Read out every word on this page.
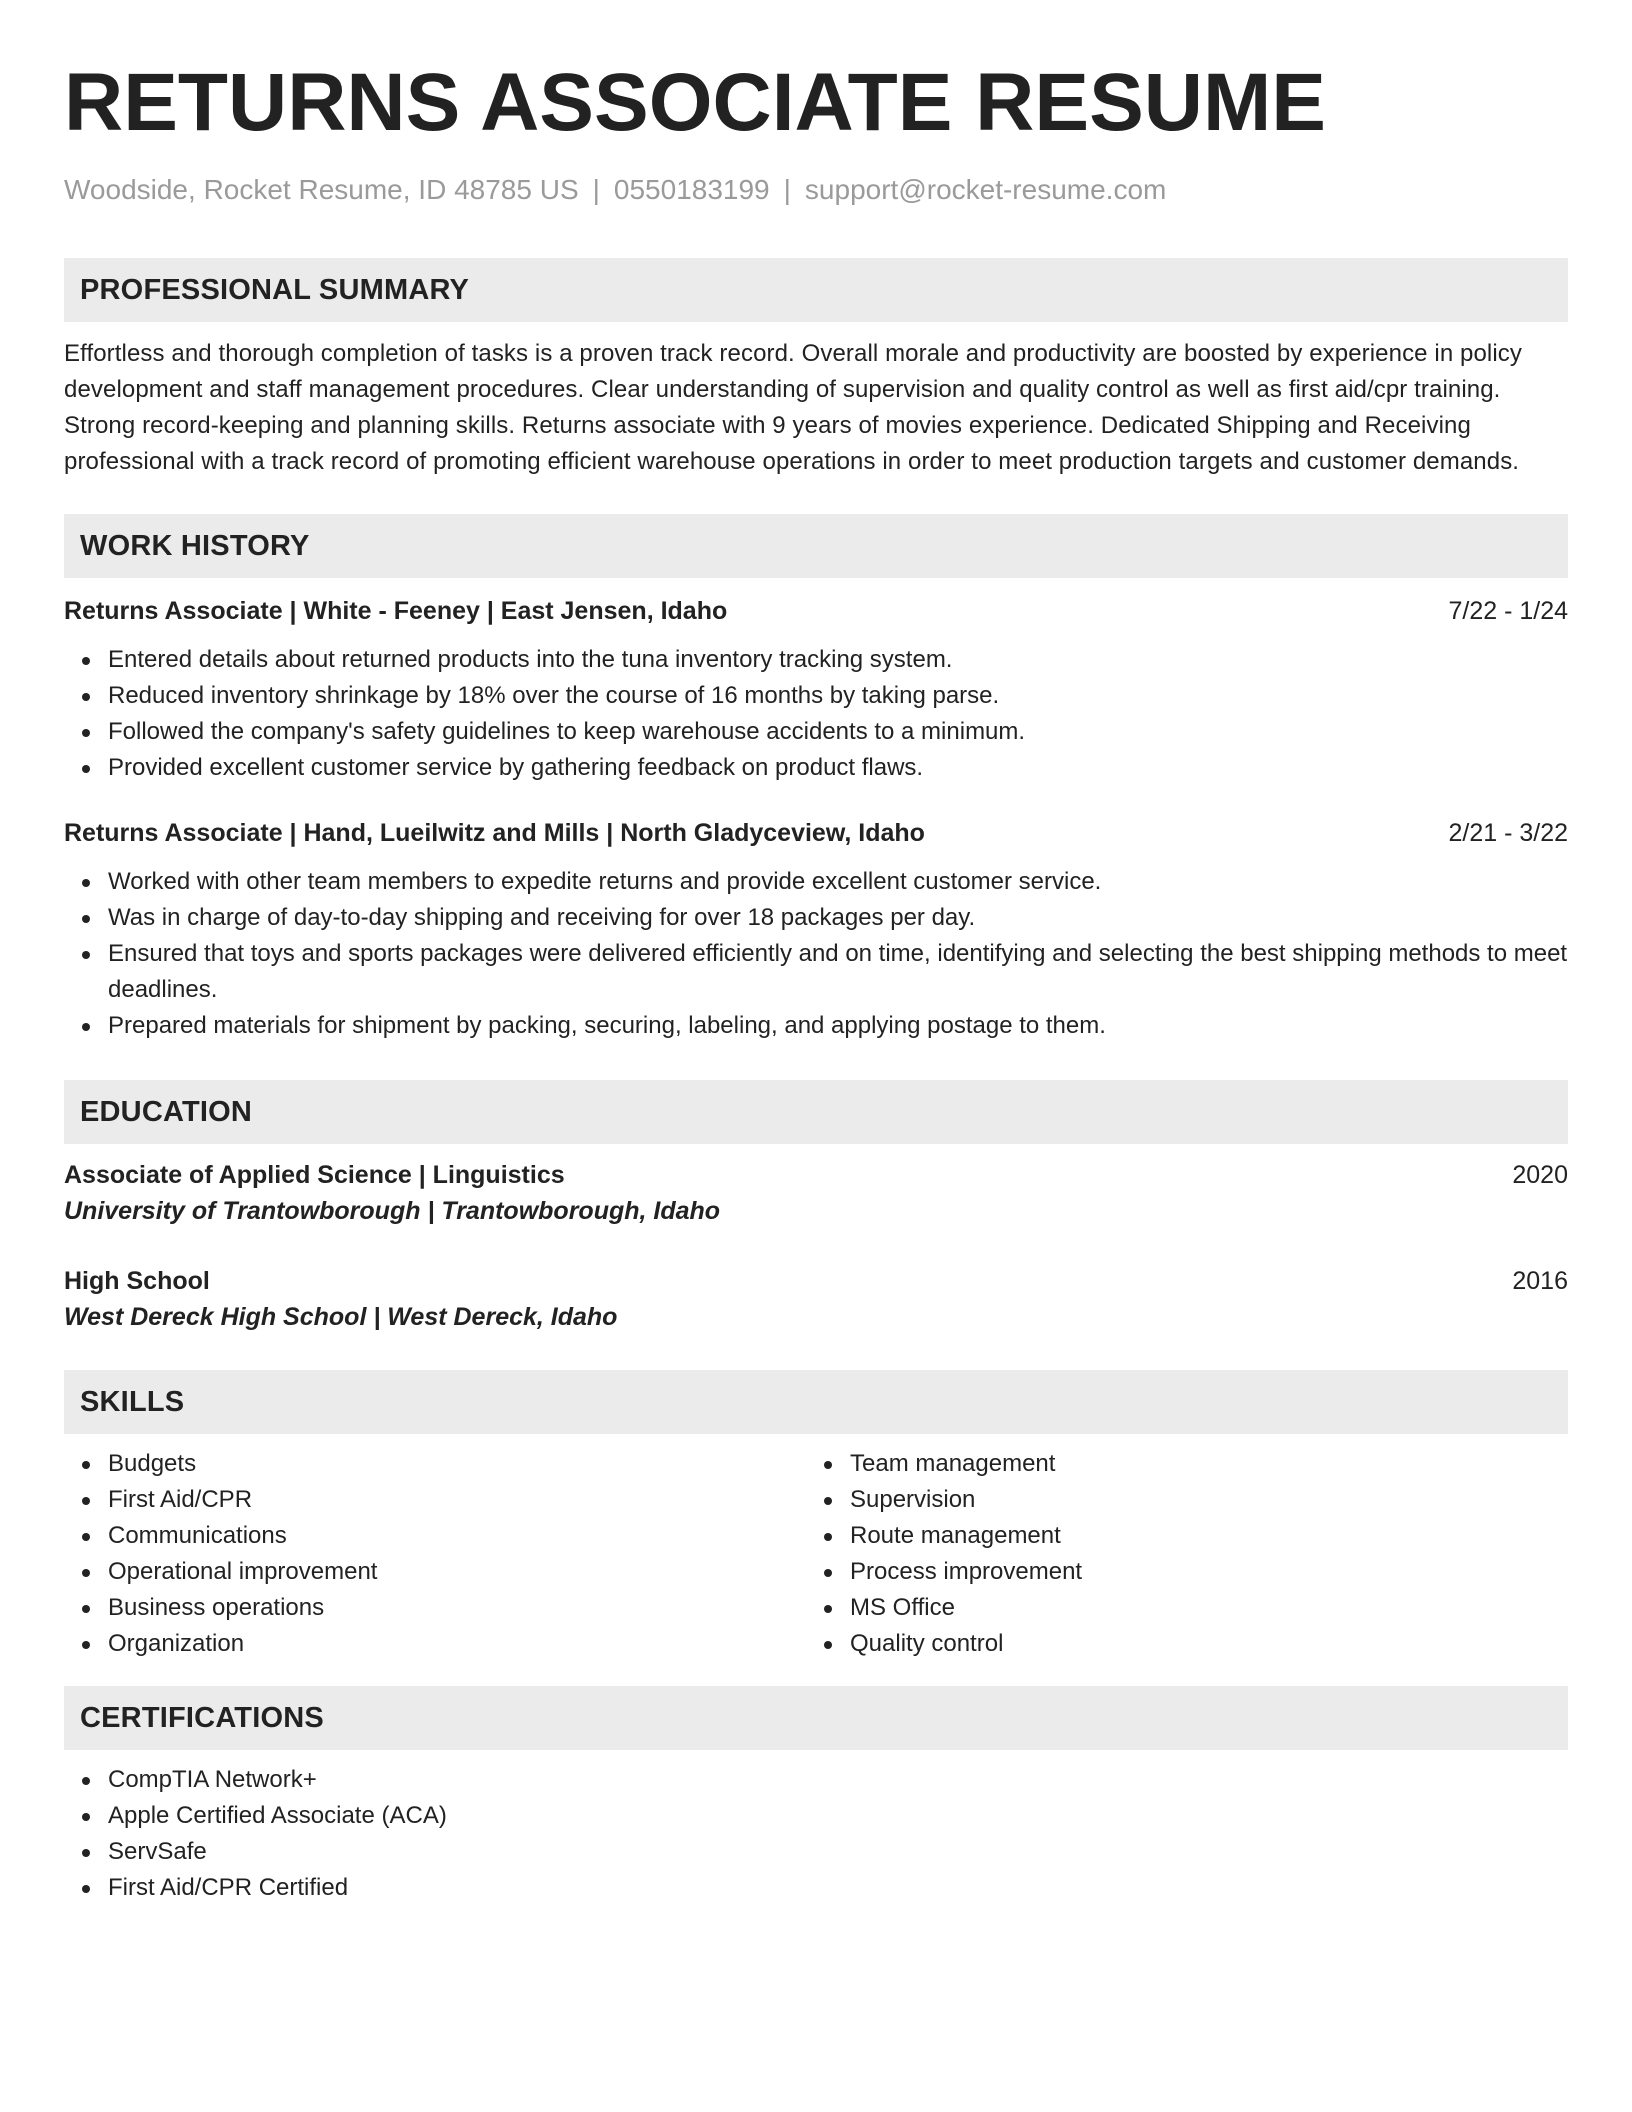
RETURNS ASSOCIATE RESUME
Woodside, Rocket Resume, ID 48785 US | 0550183199 | support@rocket-resume.com
PROFESSIONAL SUMMARY

Effortless and thorough completion of tasks is a proven track record. Overall morale and productivity are boosted by experience in policy development and staff management procedures. Clear understanding of supervision and quality control as well as first aid/cpr training. Strong record-keeping and planning skills. Returns associate with 9 years of movies experience. Dedicated Shipping and Receiving professional with a track record of promoting efficient warehouse operations in order to meet production targets and customer demands.

WORK HISTORY
Returns Associate | White - Feeney | East Jensen, Idaho	7/22 - 1/24
Entered details about returned products into the tuna inventory tracking system.
Reduced inventory shrinkage by 18% over the course of 16 months by taking parse.
Followed the company's safety guidelines to keep warehouse accidents to a minimum.
Provided excellent customer service by gathering feedback on product flaws.
Returns Associate | Hand, Lueilwitz and Mills | North Gladyceview, Idaho	2/21 - 3/22
Worked with other team members to expedite returns and provide excellent customer service.
Was in charge of day-to-day shipping and receiving for over 18 packages per day.
Ensured that toys and sports packages were delivered efficiently and on time, identifying and selecting the best shipping methods to meet deadlines.
Prepared materials for shipment by packing, securing, labeling, and applying postage to them.
EDUCATION
Associate of Applied Science | Linguistics	2020
University of Trantowborough | Trantowborough, Idaho
High School	2016
West Dereck High School | West Dereck, Idaho
SKILLS
Budgets
First Aid/CPR
Communications
Operational improvement
Business operations
Organization
Team management
Supervision
Route management
Process improvement
MS Office
Quality control
CERTIFICATIONS
CompTIA Network+
Apple Certified Associate (ACA)
ServSafe
First Aid/CPR Certified
